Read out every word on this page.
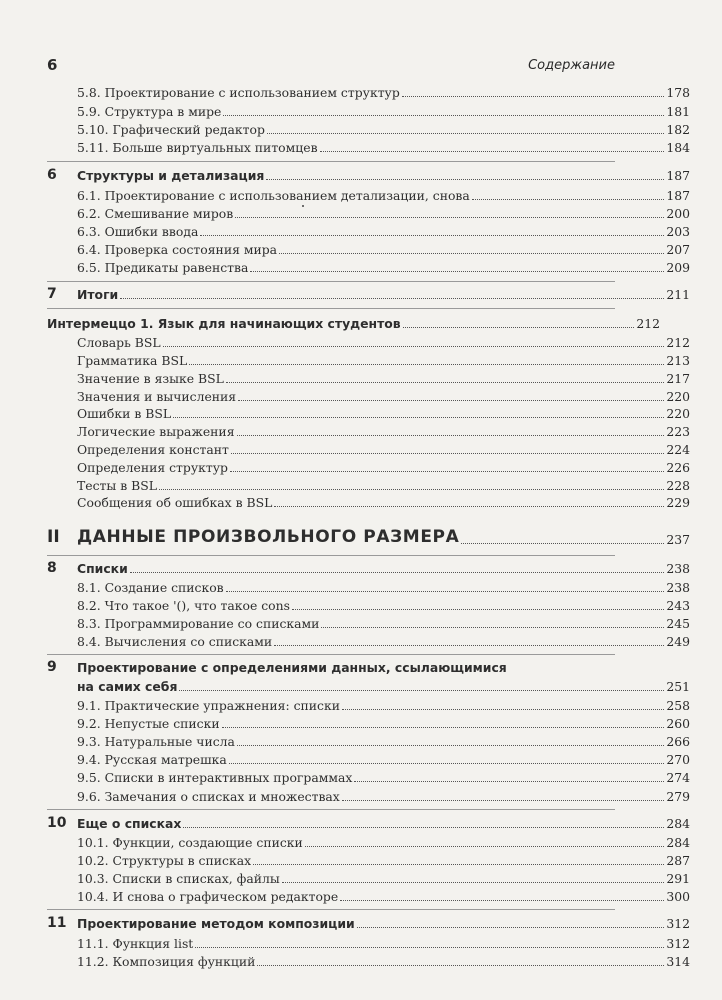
6	Содержание
5.8. Проектирование с использованием структур	178
5.9. Структура в мире	181
5.10. Графический редактор	182
5.11. Больше виртуальных питомцев	184
6 Структуры и детализация	187
6.1. Проектирование с использованием детализации, снова	187
6.2. Смешивание миров	200
6.3. Ошибки ввода	203
6.4. Проверка состояния мира	207
6.5. Предикаты равенства	209
7 Итоги	211
Интермеццо 1. Язык для начинающих студентов	212
Словарь BSL	212
Грамматика BSL	213
Значение в языке BSL	217
Значения и вычисления	220
Ошибки в BSL	220
Логические выражения	223
Определения констант	224
Определения структур	226
Тесты в BSL	228
Сообщения об ошибках в BSL	229
II ДАННЫЕ ПРОИЗВОЛЬНОГО РАЗМЕРА	237
8 Списки	238
8.1. Создание списков	238
8.2. Что такое '(), что такое cons	243
8.3. Программирование со списками	245
8.4. Вычисления со списками	249
9 Проектирование с определениями данных, ссылающимися
на самих себя	251
9.1. Практические упражнения: списки	258
9.2. Непустые списки	260
9.3. Натуральные числа	266
9.4. Русская матрешка	270
9.5. Списки в интерактивных программах	274
9.6. Замечания о списках и множествах	279
10 Еще о списках	284
10.1. Функции, создающие списки	284
10.2. Структуры в списках	287
10.3. Списки в списках, файлы	291
10.4. И снова о графическом редакторе	300
11 Проектирование методом композиции	312
11.1. Функция list	312
11.2. Композиция функций	314
